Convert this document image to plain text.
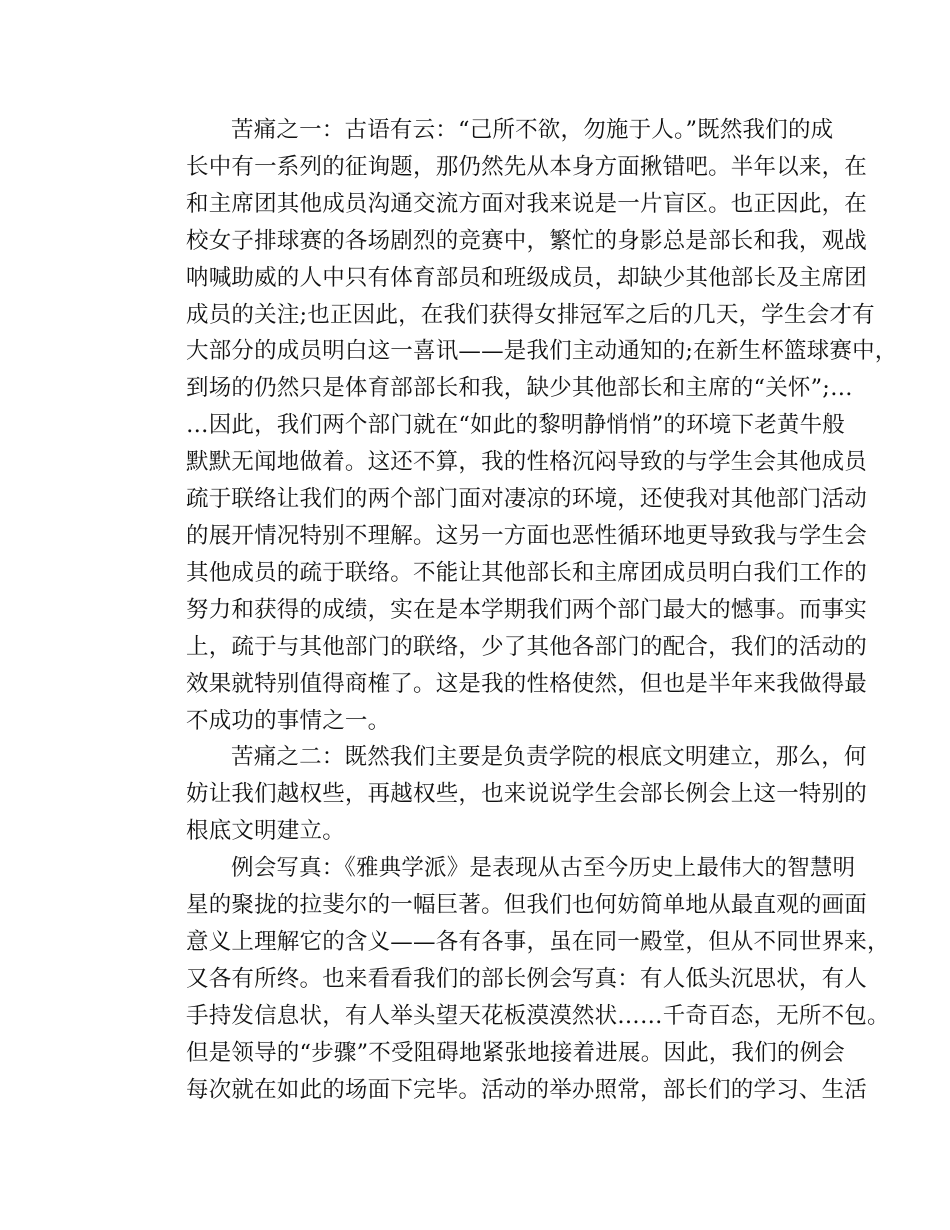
苦痛之一：古语有云：“己所不欲，勿施于人。”既然我们的成
长中有一系列的征询题，那仍然先从本身方面揪错吧。半年以来，在
和主席团其他成员沟通交流方面对我来说是一片盲区。也正因此，在
校女子排球赛的各场剧烈的竞赛中，繁忙的身影总是部长和我，观战
呐喊助威的人中只有体育部员和班级成员，却缺少其他部长及主席团
成员的关注;也正因此，在我们获得女排冠军之后的几天，学生会才有
大部分的成员明白这一喜讯——是我们主动通知的;在新生杯篮球赛中，
到场的仍然只是体育部部长和我，缺少其他部长和主席的“关怀”;…
…因此，我们两个部门就在“如此的黎明静悄悄”的环境下老黄牛般
默默无闻地做着。这还不算，我的性格沉闷导致的与学生会其他成员
疏于联络让我们的两个部门面对凄凉的环境，还使我对其他部门活动
的展开情况特别不理解。这另一方面也恶性循环地更导致我与学生会
其他成员的疏于联络。不能让其他部长和主席团成员明白我们工作的
努力和获得的成绩，实在是本学期我们两个部门最大的憾事。而事实
上，疏于与其他部门的联络，少了其他各部门的配合，我们的活动的
效果就特别值得商榷了。这是我的性格使然，但也是半年来我做得最
不成功的事情之一。
苦痛之二：既然我们主要是负责学院的根底文明建立，那么，何
妨让我们越权些，再越权些，也来说说学生会部长例会上这一特别的
根底文明建立。
例会写真：《雅典学派》是表现从古至今历史上最伟大的智慧明
星的聚拢的拉斐尔的一幅巨著。但我们也何妨简单地从最直观的画面
意义上理解它的含义——各有各事，虽在同一殿堂，但从不同世界来，
又各有所终。也来看看我们的部长例会写真：有人低头沉思状，有人
手持发信息状，有人举头望天花板漠漠然状……千奇百态，无所不包。
但是领导的“步骤”不受阻碍地紧张地接着进展。因此，我们的例会
每次就在如此的场面下完毕。活动的举办照常，部长们的学习、生活
